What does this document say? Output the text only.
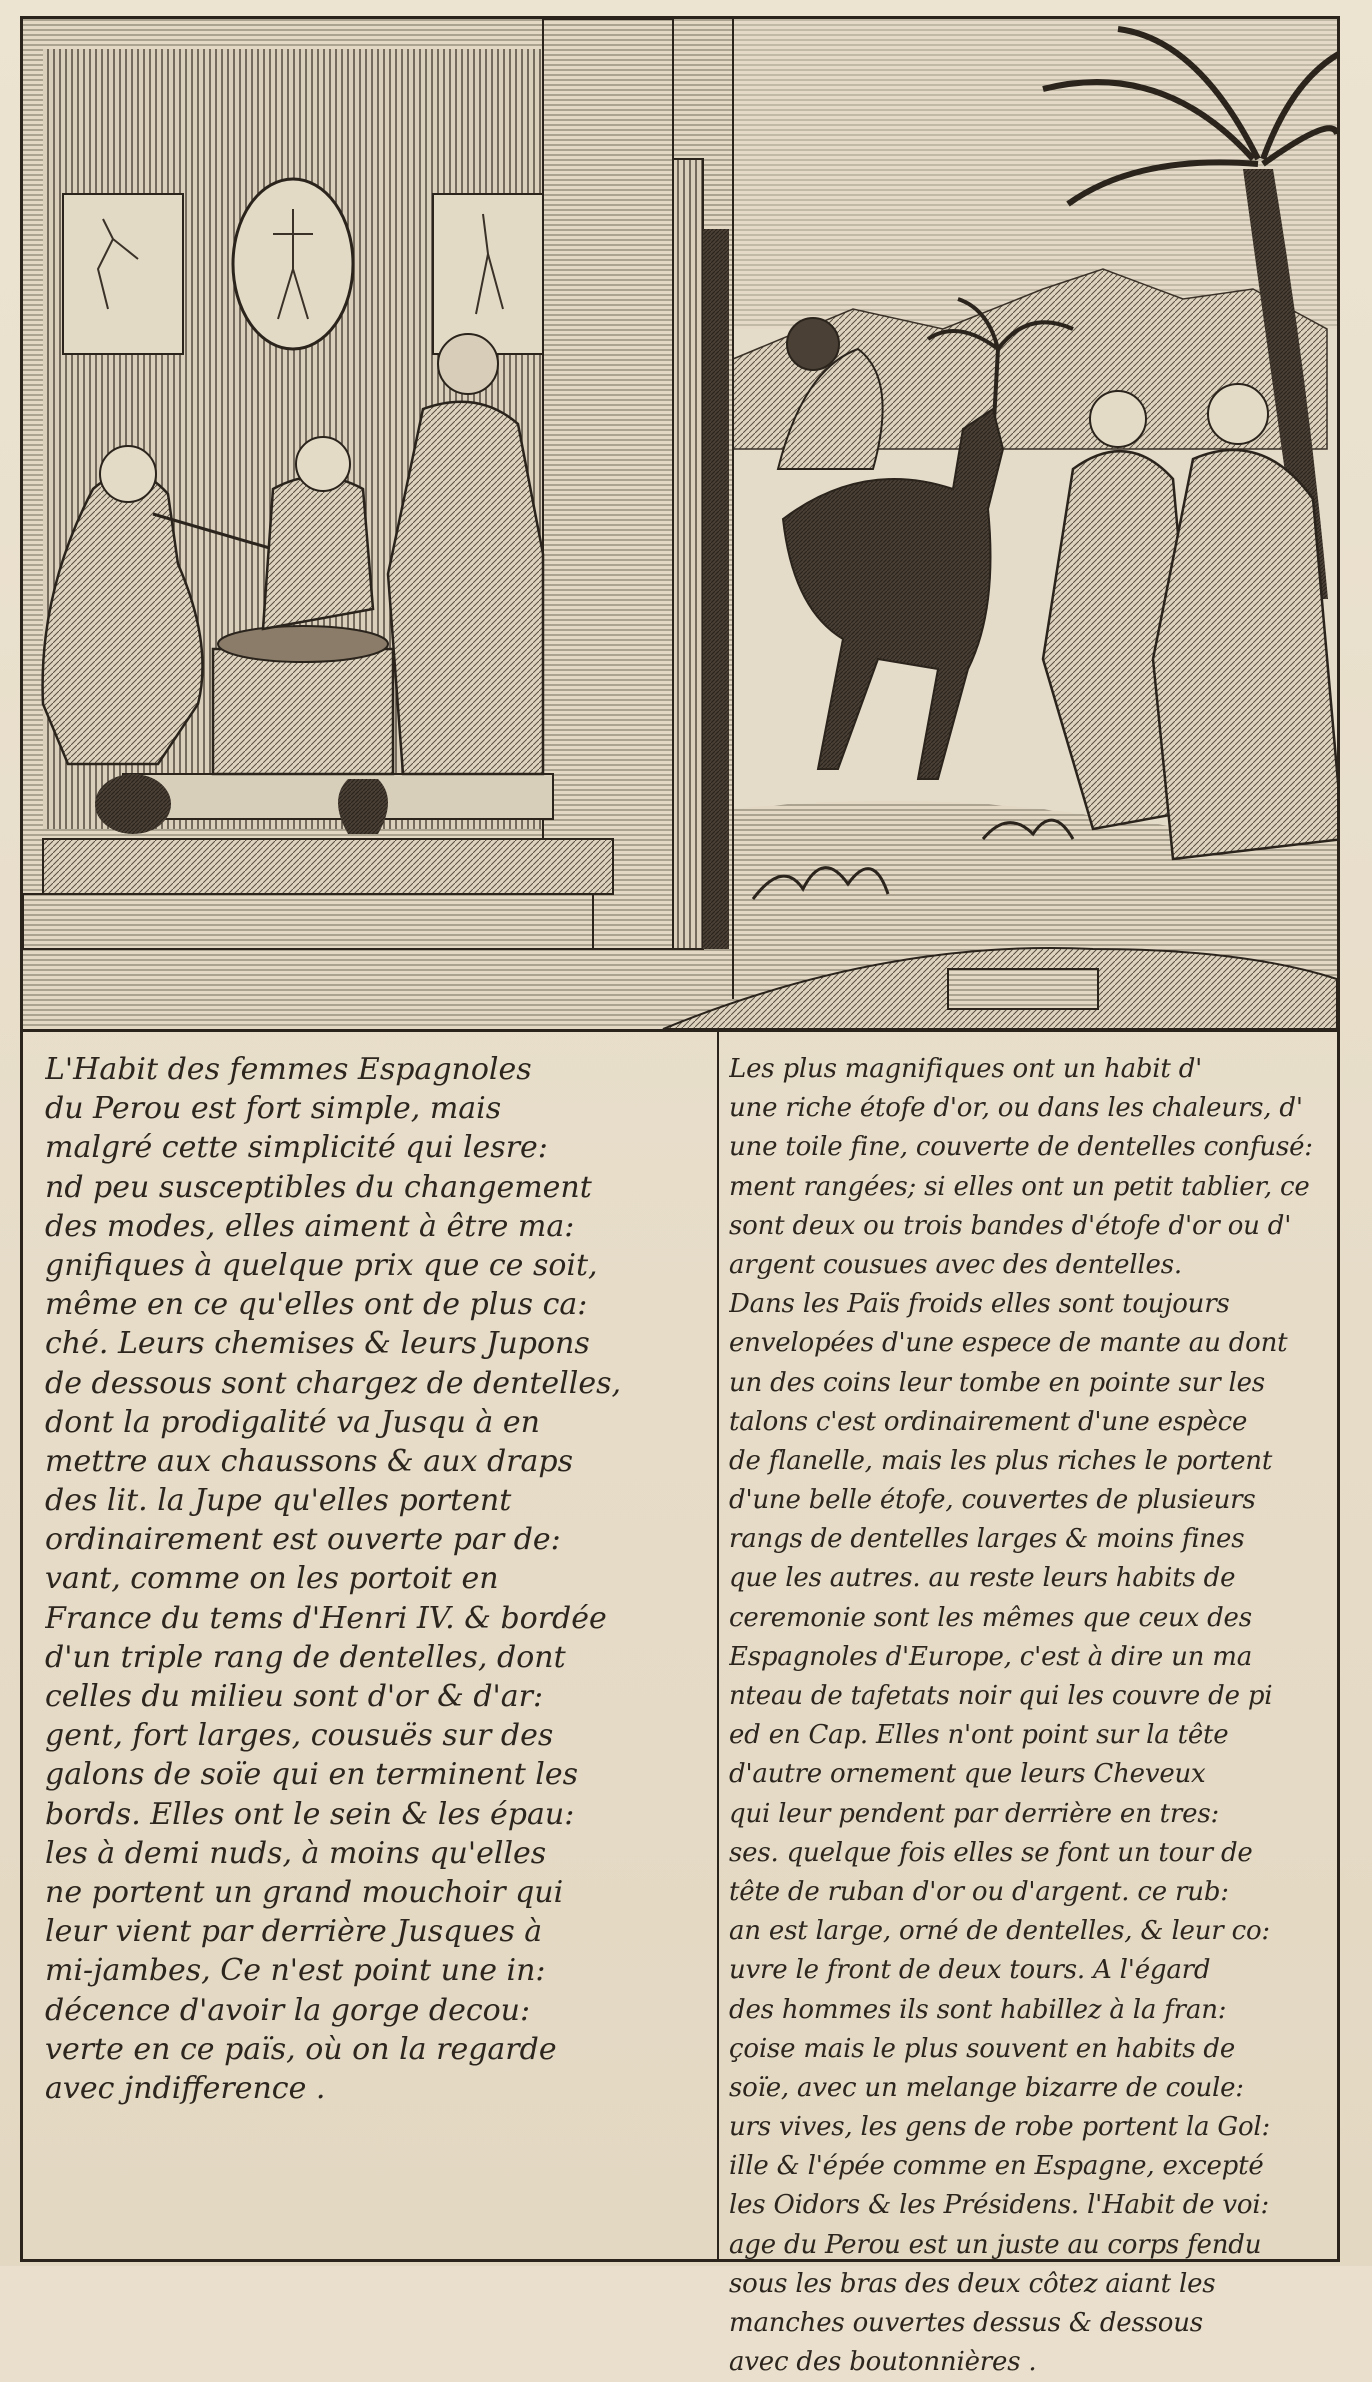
L'Habit des femmes Espagnoles
du Perou est fort simple, mais
malgré cette simplicité qui lesre:
nd peu susceptibles du changement
des modes, elles aiment à être ma:
gnifiques à quelque prix que ce soit,
même en ce qu'elles ont de plus ca:
ché. Leurs chemises & leurs Jupons
de dessous sont chargez de dentelles,
dont la prodigalité va Jusqu à en
mettre aux chaussons & aux draps
des lit. la Jupe qu'elles portent
ordinairement est ouverte par de:
vant, comme on les portoit en
France du tems d'Henri IV. & bordée
d'un triple rang de dentelles, dont
celles du milieu sont d'or & d'ar:
gent, fort larges, cousuës sur des
galons de soïe qui en terminent les
bords. Elles ont le sein & les épau:
les à demi nuds, à moins qu'elles
ne portent un grand mouchoir qui
leur vient par derrière Jusques à
mi-jambes, Ce n'est point une in:
décence d'avoir la gorge decou:
verte en ce païs, où on la regarde
avec jndifference .
Les plus magnifiques ont un habit d'
une riche étofe d'or, ou dans les chaleurs, d'
une toile fine, couverte de dentelles confusé:
ment rangées; si elles ont un petit tablier, ce
sont deux ou trois bandes d'étofe d'or ou d'
argent cousues avec des dentelles.
Dans les Païs froids elles sont toujours
envelopées d'une espece de mante au dont
un des coins leur tombe en pointe sur les
talons c'est ordinairement d'une espèce
de flanelle, mais les plus riches le portent
d'une belle étofe, couvertes de plusieurs
rangs de dentelles larges & moins fines
que les autres. au reste leurs habits de
ceremonie sont les mêmes que ceux des
Espagnoles d'Europe, c'est à dire un ma
nteau de tafetats noir qui les couvre de pi
ed en Cap. Elles n'ont point sur la tête
d'autre ornement que leurs Cheveux
qui leur pendent par derrière en tres:
ses. quelque fois elles se font un tour de
tête de ruban d'or ou d'argent. ce rub:
an est large, orné de dentelles, & leur co:
uvre le front de deux tours. A l'égard
des hommes ils sont habillez à la fran:
çoise mais le plus souvent en habits de
soïe, avec un melange bizarre de coule:
urs vives, les gens de robe portent la Gol:
ille & l'épée comme en Espagne, excepté
les Oidors & les Présidens. l'Habit de voi:
age du Perou est un juste au corps fendu
sous les bras des deux côtez aiant les
manches ouvertes dessus & dessous
avec des boutonnières .
